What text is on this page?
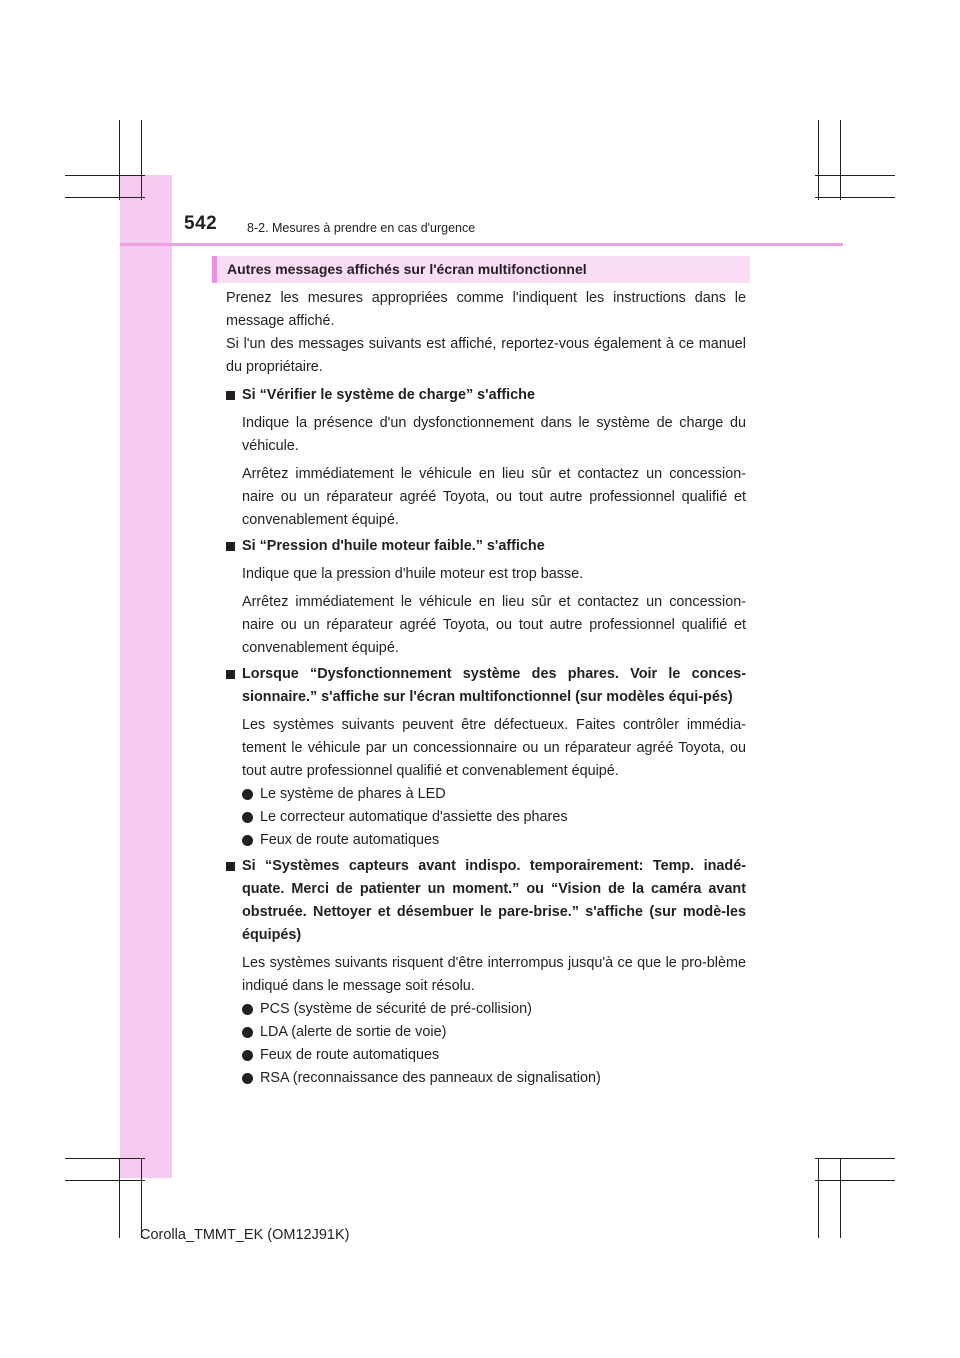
542 8-2. Mesures à prendre en cas d'urgence
Autres messages affichés sur l'écran multifonctionnel

Prenez les mesures appropriées comme l'indiquent les instructions dans le message affiché.

Si l'un des messages suivants est affiché, reportez-vous également à ce manuel du propriétaire.

Si “Vérifier le système de charge” s'affiche

Indique la présence d'un dysfonctionnement dans le système de charge du véhicule.

Arrêtez immédiatement le véhicule en lieu sûr et contactez un concession-naire ou un réparateur agréé Toyota, ou tout autre professionnel qualifié et convenablement équipé.

Si “Pression d'huile moteur faible.” s'affiche

Indique que la pression d'huile moteur est trop basse.

Arrêtez immédiatement le véhicule en lieu sûr et contactez un concession-naire ou un réparateur agréé Toyota, ou tout autre professionnel qualifié et convenablement équipé.

Lorsque “Dysfonctionnement système des phares. Voir le conces-sionnaire.” s'affiche sur l'écran multifonctionnel (sur modèles équi-pés)

Les systèmes suivants peuvent être défectueux. Faites contrôler immédia-tement le véhicule par un concessionnaire ou un réparateur agréé Toyota, ou tout autre professionnel qualifié et convenablement équipé.

Le système de phares à LED
Le correcteur automatique d'assiette des phares
Feux de route automatiques

Si “Systèmes capteurs avant indispo. temporairement: Temp. inadé-quate. Merci de patienter un moment.” ou “Vision de la caméra avant obstruée. Nettoyer et désembuer le pare-brise.” s'affiche (sur modè-les équipés)

Les systèmes suivants risquent d'être interrompus jusqu'à ce que le pro-blème indiqué dans le message soit résolu.

PCS (système de sécurité de pré-collision)
LDA (alerte de sortie de voie)
Feux de route automatiques
RSA (reconnaissance des panneaux de signalisation)
Corolla_TMMT_EK (OM12J91K)
